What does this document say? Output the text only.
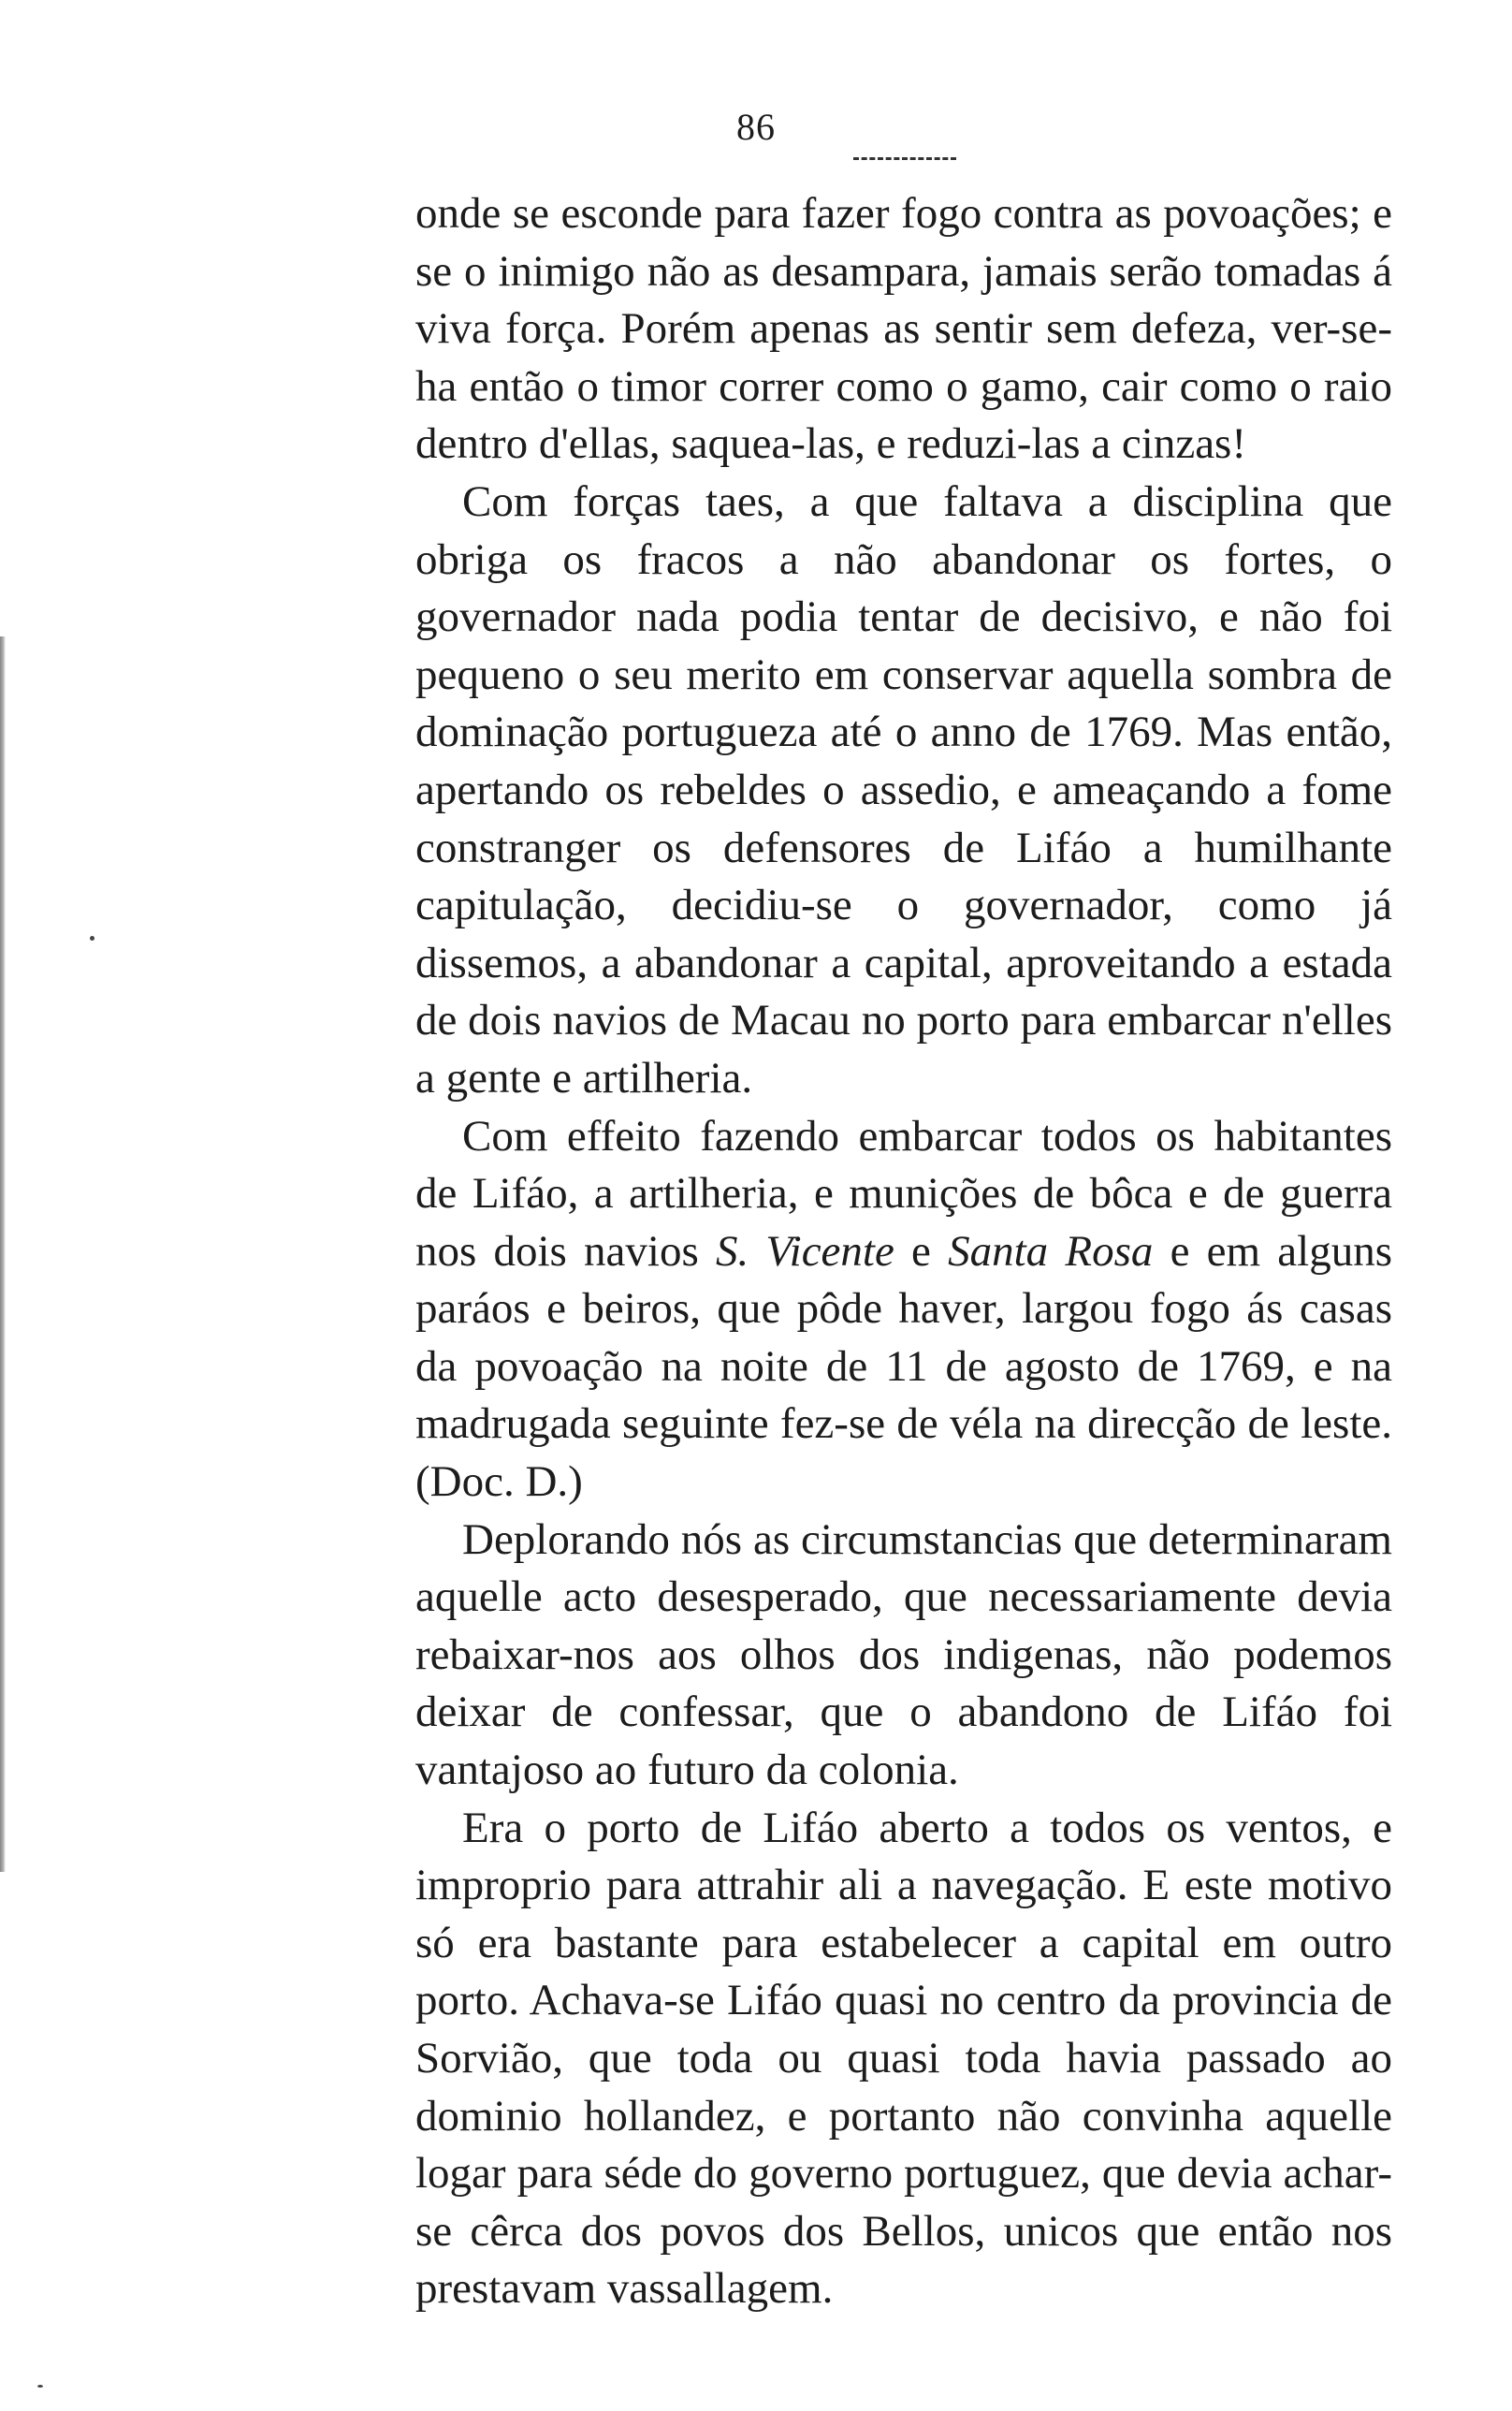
86

onde se esconde para fazer fogo contra as povoações; e se o inimigo não as desampara, jamais serão tomadas á viva força. Porém apenas as sentir sem defeza, ver-se-ha então o timor correr como o gamo, cair como o raio dentro d'ellas, saquea-las, e reduzi-las a cinzas!

Com forças taes, a que faltava a disciplina que obriga os fracos a não abandonar os fortes, o governador nada podia tentar de decisivo, e não foi pequeno o seu merito em conservar aquella sombra de dominação portugueza até o anno de 1769. Mas então, apertando os rebeldes o assedio, e ameaçando a fome constranger os defensores de Lifáo a humilhante capitulação, decidiu-se o governador, como já dissemos, a abandonar a capital, aproveitando a estada de dois navios de Macau no porto para embarcar n'elles a gente e artilheria.

Com effeito fazendo embarcar todos os habitantes de Lifáo, a artilheria, e munições de bôca e de guerra nos dois navios S. Vicente e Santa Rosa e em alguns paráos e beiros, que pôde haver, largou fogo ás casas da povoação na noite de 11 de agosto de 1769, e na madrugada seguinte fez-se de véla na direcção de leste. (Doc. D.)

Deplorando nós as circumstancias que determinaram aquelle acto desesperado, que necessariamente devia rebaixar-nos aos olhos dos indigenas, não podemos deixar de confessar, que o abandono de Lifáo foi vantajoso ao futuro da colonia.

Era o porto de Lifáo aberto a todos os ventos, e improprio para attrahir ali a navegação. E este motivo só era bastante para estabelecer a capital em outro porto. Achava-se Lifáo quasi no centro da provincia de Sorvião, que toda ou quasi toda havia passado ao dominio hollandez, e portanto não convinha aquelle logar para séde do governo portuguez, que devia achar-se cêrca dos povos dos Bellos, unicos que então nos prestavam vassallagem.
